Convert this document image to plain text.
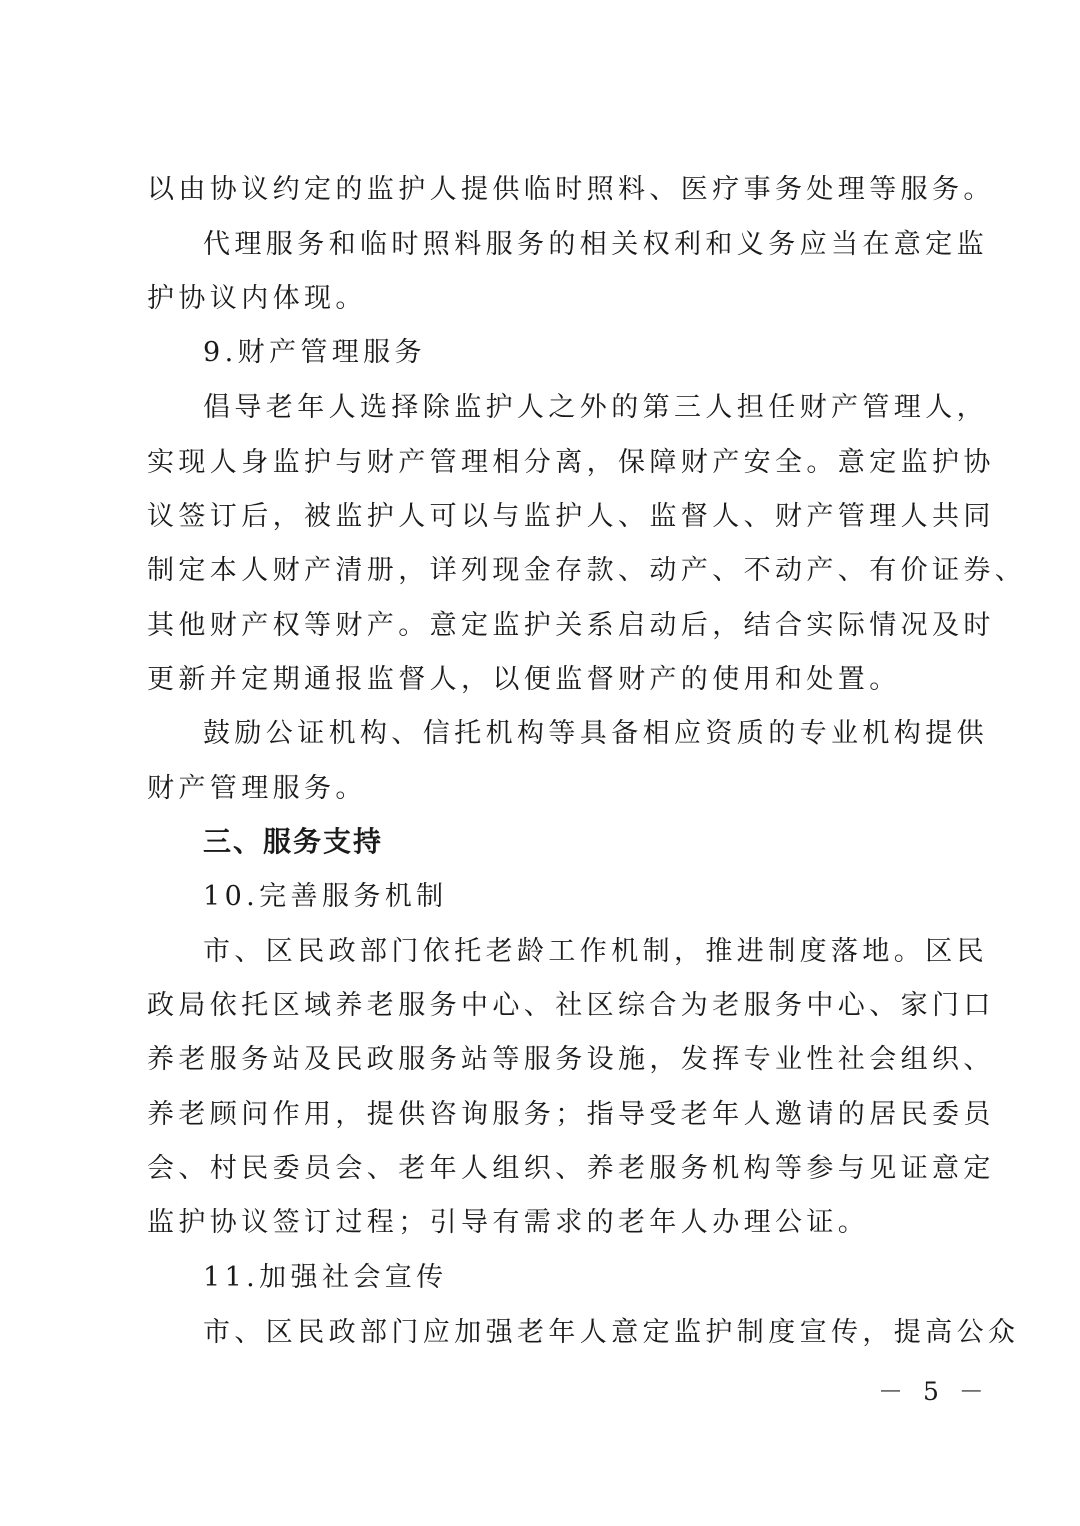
以由协议约定的监护人提供临时照料、医疗事务处理等服务。
代理服务和临时照料服务的相关权利和义务应当在意定监
护协议内体现。
9.财产管理服务
倡导老年人选择除监护人之外的第三人担任财产管理人，
实现人身监护与财产管理相分离，保障财产安全。意定监护协
议签订后，被监护人可以与监护人、监督人、财产管理人共同
制定本人财产清册，详列现金存款、动产、不动产、有价证券、
其他财产权等财产。意定监护关系启动后，结合实际情况及时
更新并定期通报监督人，以便监督财产的使用和处置。
鼓励公证机构、信托机构等具备相应资质的专业机构提供
财产管理服务。
三、服务支持
10.完善服务机制
市、区民政部门依托老龄工作机制，推进制度落地。区民
政局依托区域养老服务中心、社区综合为老服务中心、家门口
养老服务站及民政服务站等服务设施，发挥专业性社会组织、
养老顾问作用，提供咨询服务；指导受老年人邀请的居民委员
会、村民委员会、老年人组织、养老服务机构等参与见证意定
监护协议签订过程；引导有需求的老年人办理公证。
11.加强社会宣传
市、区民政部门应加强老年人意定监护制度宣传，提高公众
－ 5 －
